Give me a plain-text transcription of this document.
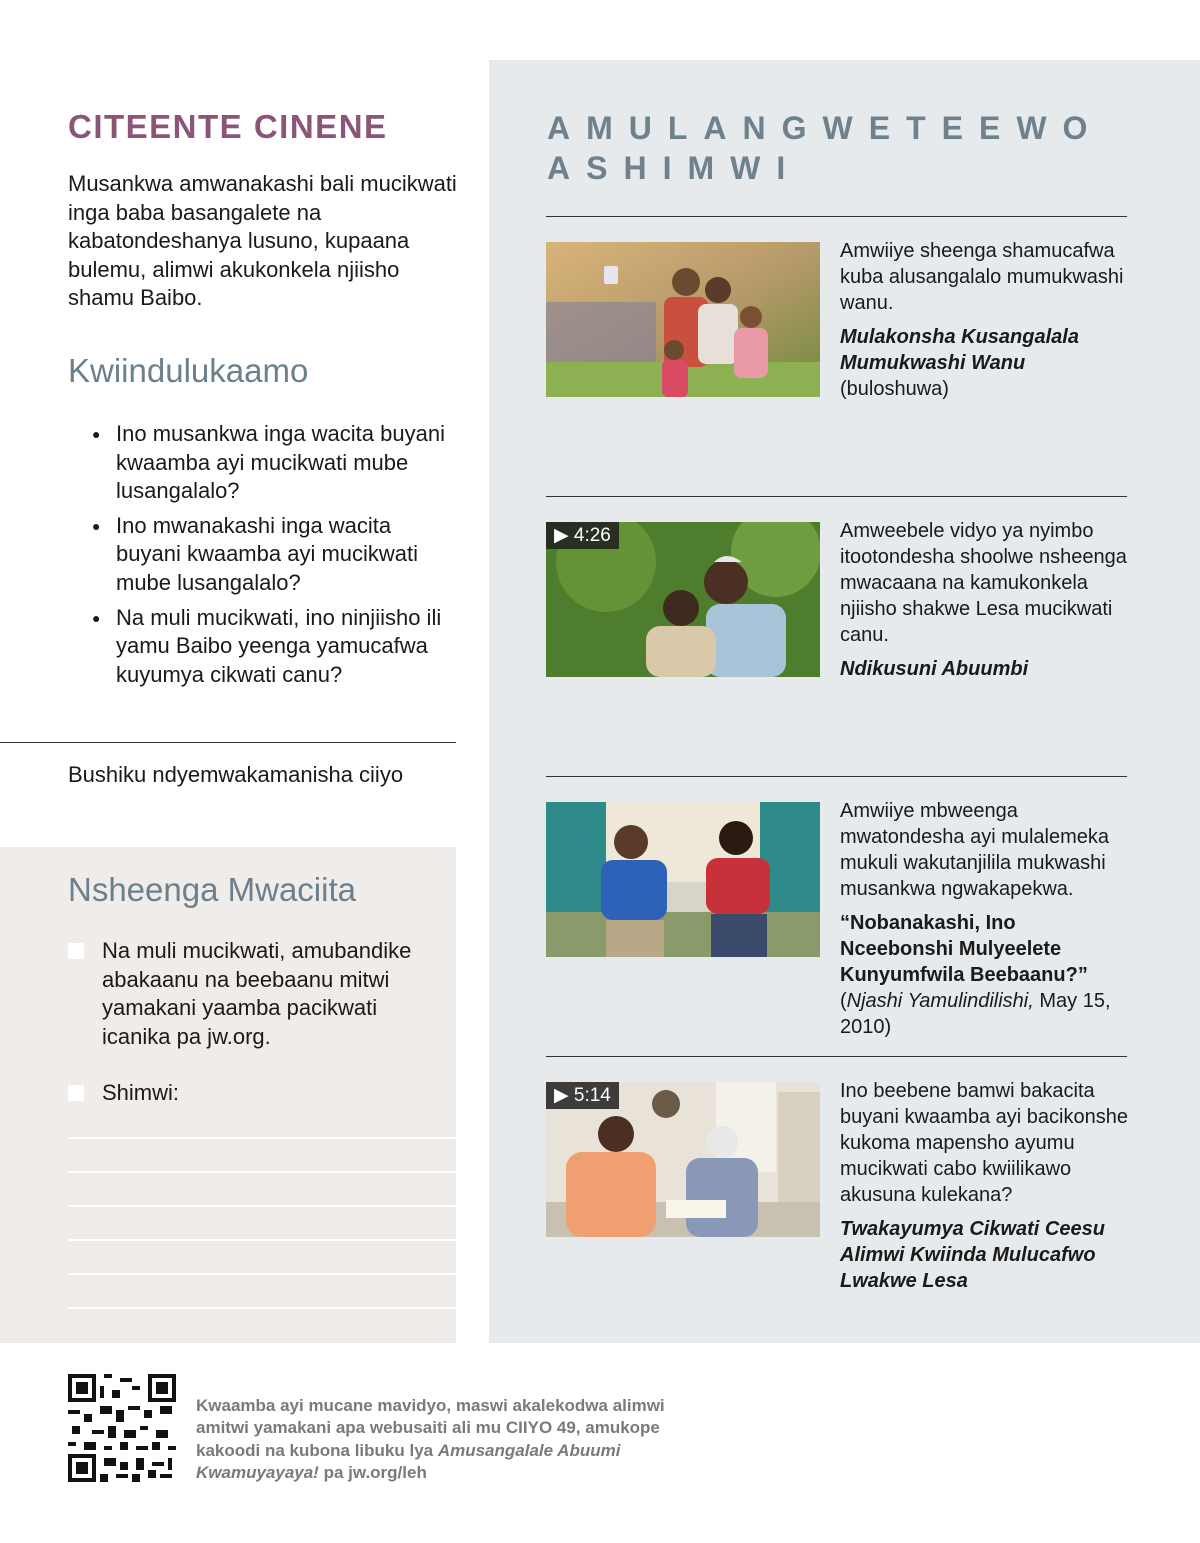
CITEENTE CINENE

Musankwa amwanakashi bali mucikwati inga baba basangalete na kabatondeshanya lusuno, kupaana bulemu, alimwi akukonkela njiisho shamu Baibo.

Kwiindulukaamo
● Ino musankwa inga wacita buyani kwaamba ayi mucikwati mube lusangalalo?
● Ino mwanakashi inga wacita buyani kwaamba ayi mucikwati mube lusangalalo?
● Na muli mucikwati, ino ninjiisho ili yamu Baibo yeenga yamucafwa kuyumya cikwati canu?

Bushiku ndyemwakamanisha ciiyo

Nsheenga Mwaciita
Na muli mucikwati, amubandike abakaanu na beebaanu mitwi yamakani yaamba pacikwati icanika pa jw.org.
Shimwi:
AMULANGWETEEWO ASHIMWI

Amwiiye sheenga shamucafwa kuba alusangalalo mumukwashi wanu.

Mulakonsha Kusangalala Mumukwashi Wanu (buloshuwa)

▶ 4:26	Amweebele vidyo ya nyimbo itootondesha shoolwe nsheenga mwacaana na kamukonkela njiisho shakwe Lesa mucikwati canu.

Ndikusuni Abuumbi

Amwiiye mbweenga mwatondesha ayi mulalemeka mukuli wakutanjilila mukwashi musankwa ngwakapekwa.

“Nobanakashi, Ino Nceebonshi Mulyeelete Kunyumfwila Beebaanu?” (Njashi Yamulindilishi, May 15, 2010)

▶ 5:14	Ino beebene bamwi bakacita buyani kwaamba ayi bacikonshe kukoma mapensho ayumu mucikwati cabo kwiilikawo akusuna kulekana?

Twakayumya Cikwati Ceesu Alimwi Kwiinda Mulucafwo Lwakwe Lesa

Kwaamba ayi mucane mavidyo, maswi akalekodwa alimwi amitwi yamakani apa webusaiti ali mu CIIYO 49, amukope kakoodi na kubona libuku lya Amusangalale Abuumi Kwamuyayaya! pa jw.org/leh
